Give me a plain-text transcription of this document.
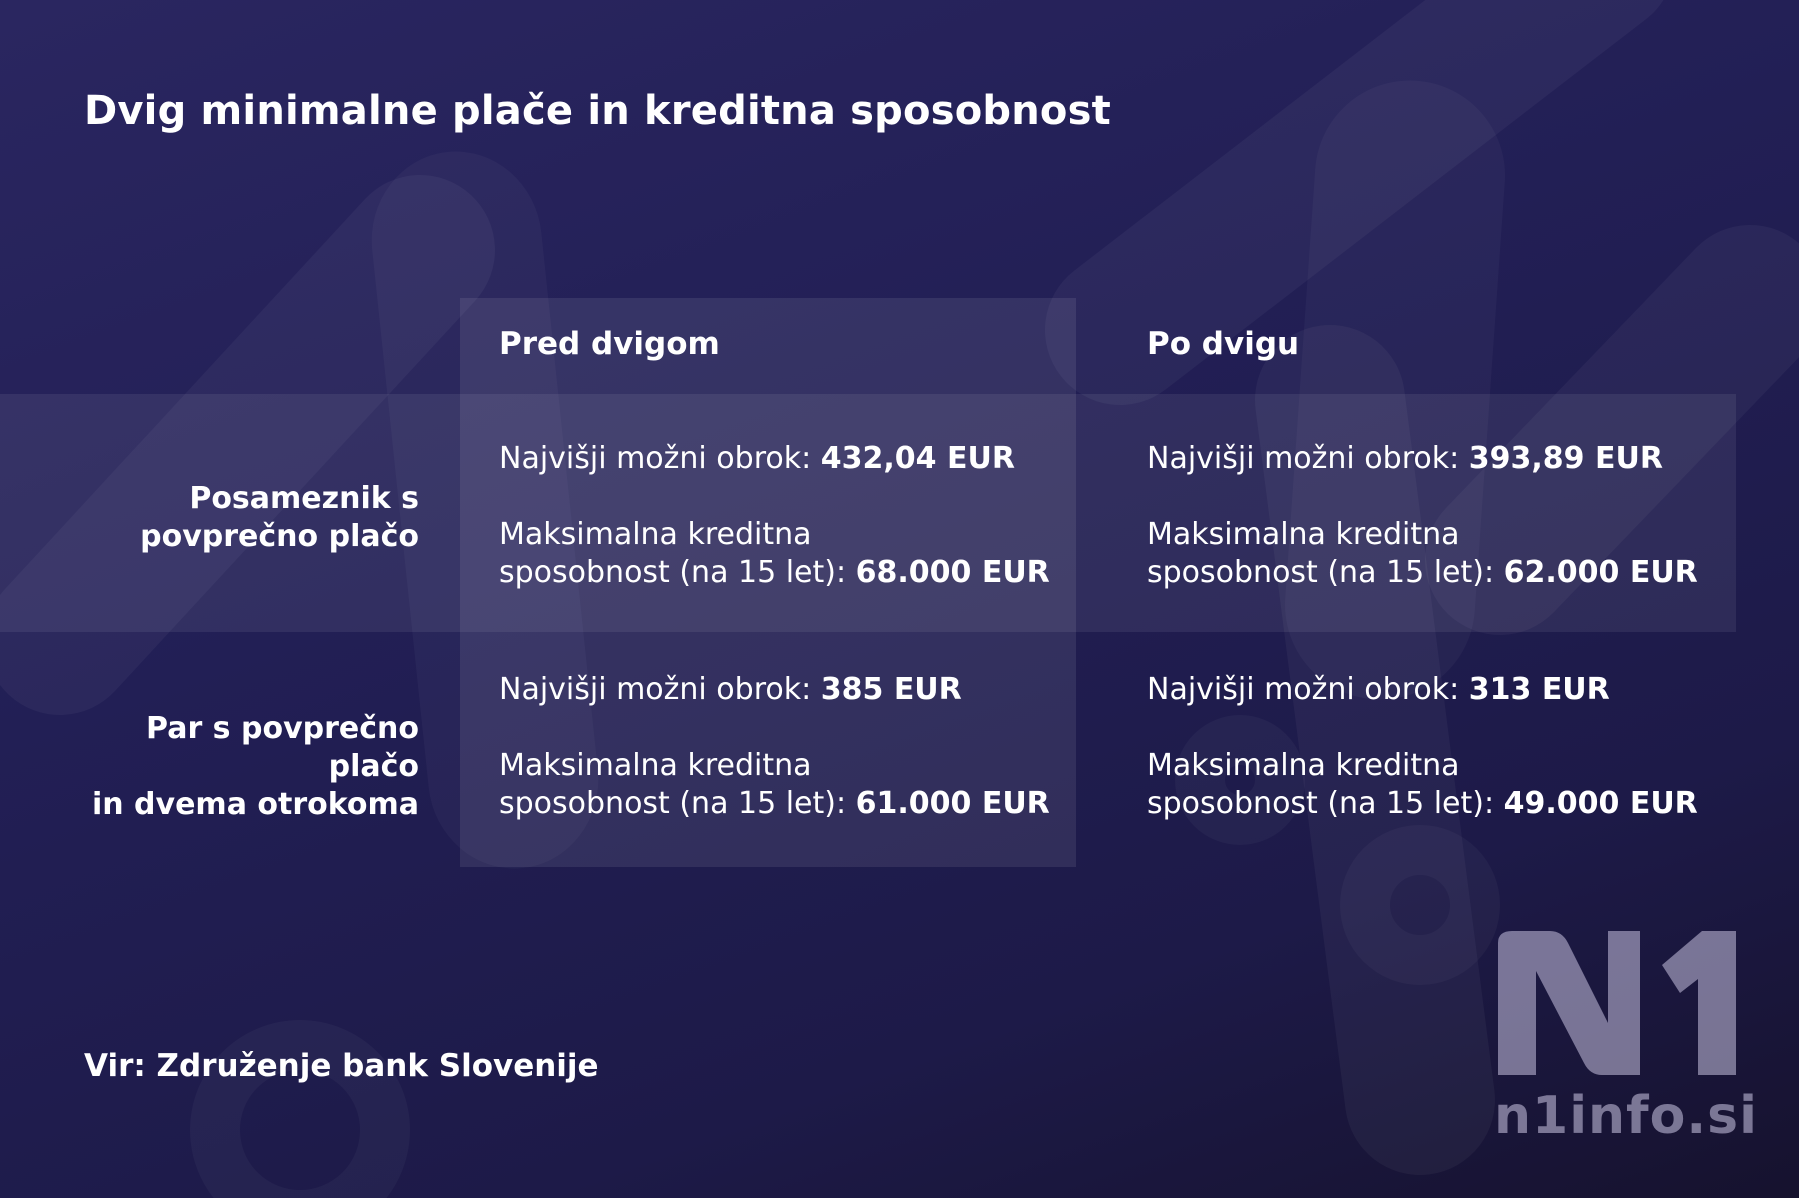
Dvig minimalne plače in kreditna sposobnost
Pred dvigom	Po dvigu
Posameznik s
povprečno plačo
Par s povprečno plačo
in dvema otrokoma
Najvišji možni obrok: 432,04 EUR
Maksimalna kreditna
sposobnost (na 15 let): 68.000 EUR
Najvišji možni obrok: 393,89 EUR
Maksimalna kreditna
sposobnost (na 15 let): 62.000 EUR
Najvišji možni obrok: 385 EUR
Maksimalna kreditna
sposobnost (na 15 let): 61.000 EUR
Najvišji možni obrok: 313 EUR
Maksimalna kreditna
sposobnost (na 15 let): 49.000 EUR
Vir: Združenje bank Slovenije
n1info.si
